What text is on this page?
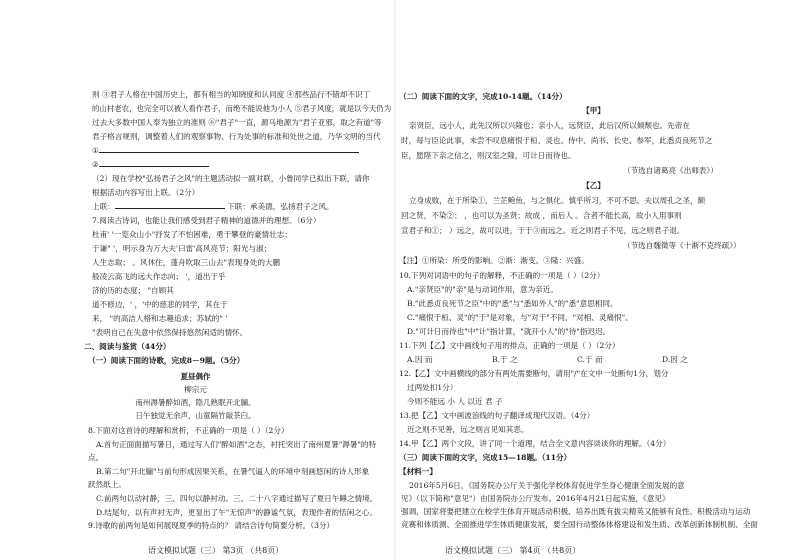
则 ③君子人格在中国历史上，都有相当的知晓度和认同度 ④那些品行不错却不识丁
的山村老农，也完全可以被人看作君子，而绝不能说他为小人 ⑤君子风度，就是以今天仍为
过去大多数中国人奉为独立的准则 ⑥"君子"一直，源马地源为"君子亚邪，取之有道"等
君子格言规则，调整着人们的观察事物、行为处事的标准和处世之道，乃华文明的当代
①
②
（2）现在学校"弘扬君子之风"的主题活动拟一副对联，小鲁同学已拟出下联，请你
根据活动内容写出上联。（2分）
上联：	下联：承美德，弘扬君子之风。
7.阅读古诗词，也能让我们感受到君子精神的道德并的理想。（6分）
杜甫' '一览众山小"抒发了不怕困难，勇于攀登的豪情壮志；
于谦" '，明示身为万大夫'曰雷'高风亮节；阳光与淑；
人生志取； 。风休住，蓬舟吹取三山去"表现身处的大鹏
般凌云高飞的远大作志向； '，道出于乎
济的历的态度； "自顾其
道不修边，' ，'中的慈悲的同学，其在于
来， "的高洁人格和志趣追求；苏轼的" '
"表明自己在失意中依然保持悠然闲适的情怀。
二、阅读与鉴赏（44分）
（一）阅读下面的诗歌，完成8－9题。（5分）
夏昼偶作
柳宗元
南州溽暑醉如酒，隐几熟眠开北牖。
日午独觉无余声，山童隔竹敲茶臼。
8.下面对这首诗的理解和赏析，不正确的一项是（ ）（2分）
A.首句正面面描写暑日，通过写人们"醉如酒"之态，衬托突出了南州夏暑"溽暑"的特
点。
B.第二句"开北牖"与前句形成因果关系，在暑气逼人的环境中刻画悠闲的诗人形象
跃然纸上。
C.前两句以动衬静，三、四句以静衬动。三、二十八字通过描写了夏日午睡之情境。
D.结尾句，以有声衬无声，更显出了午"无惊声"的静谧气氛，表现作者的恬闲之心。
9.诗歌的前两句是如何展现夏季的特点的？ 请结合诗句简要分析。（3分）
语文模拟试题（三） 第3页 （共8页）
（二）阅读下面的文字，完成10-14题。（14分）
【甲】
亲贤臣，远小人，此先汉所以兴隆也；亲小人，远贤臣，此后汉所以倾颓也。先帝在
时，每与臣论此事，未尝不叹息痛恨于桓、灵也。侍中、尚书、长史、参军，此悉贞良死节之
臣，愿陛下亲之信之，则汉室之隆，可计日而待也。
（节选自诸葛亮《出师表》）
【乙】
立身成败，在于所染①，兰芷鲍鱼，与之俱化。慎乎所习，不可不思。夫以周孔之圣，颇
回之贤，不染②； ，也可以为圣贤；故成 ，而后人 。合者不能长高，故小人用事则
宣君子和①； ）远之，故可以进，于于③而远之。近之则君子不见，远之则君子退。
（节选自魏徵等《十渐不克终疏》）
【注】①所染：所受的影响。②渐：渐变。③隆：兴盛。
10.下列对词语中的句子的解释，不正确的一项是（ ）（2分）
A."亲贤臣"的"亲"是与动词作用，意为亲近。
B."此悉贞良死节之臣"中的"悉"与"悉如外人"的"悉"意思相同。
C."痛恨于桓、灵"的"于"是对象，与"对于"不同，"对相、灵痛恨"。
D."可计日而待也"中"计"指计算，"就开小人"的"待"指迟迟。
11.下列【乙】文中画线句子用的排点，正确的一项是（ ）（2分）
A.因 而	B.于 之	C.于 而	D.因 之
12.【乙】文中画横线的部分有两处需要断句，请用"/"在文中一处断句1分，划分
过两处扣1分）
今则不能远 小 人 以近 君 子
13.把【乙】文中画波浪线的句子翻译成现代汉语。（4分）
近之则不见善，远之则言见知其恶。
14.甲【乙】两个文段，讲了同一个道理，结合全文意内容谈谈你的理解。（4分）
（三）阅读下面的文字，完成15—18题。（11分）
【材料一】
2016年5月6日，《国务院办公厅关于强化学校体育促进学生身心健康全面发展的意
见》（以下简称"意见"）由国务院办公厅发布。2016年4月21日起实施，《意见》
强调，国家将要把建立在校学生体育开展活动积极、培养出既有拔尖精英又能够有良性、积极活动与运动
竞赛和体质测、全面推进学生体质健康发展，要全国行动整体体格建设和发生质、改革创新体制机制、全面
语文模拟试题（三） 第4页 （共8页）
